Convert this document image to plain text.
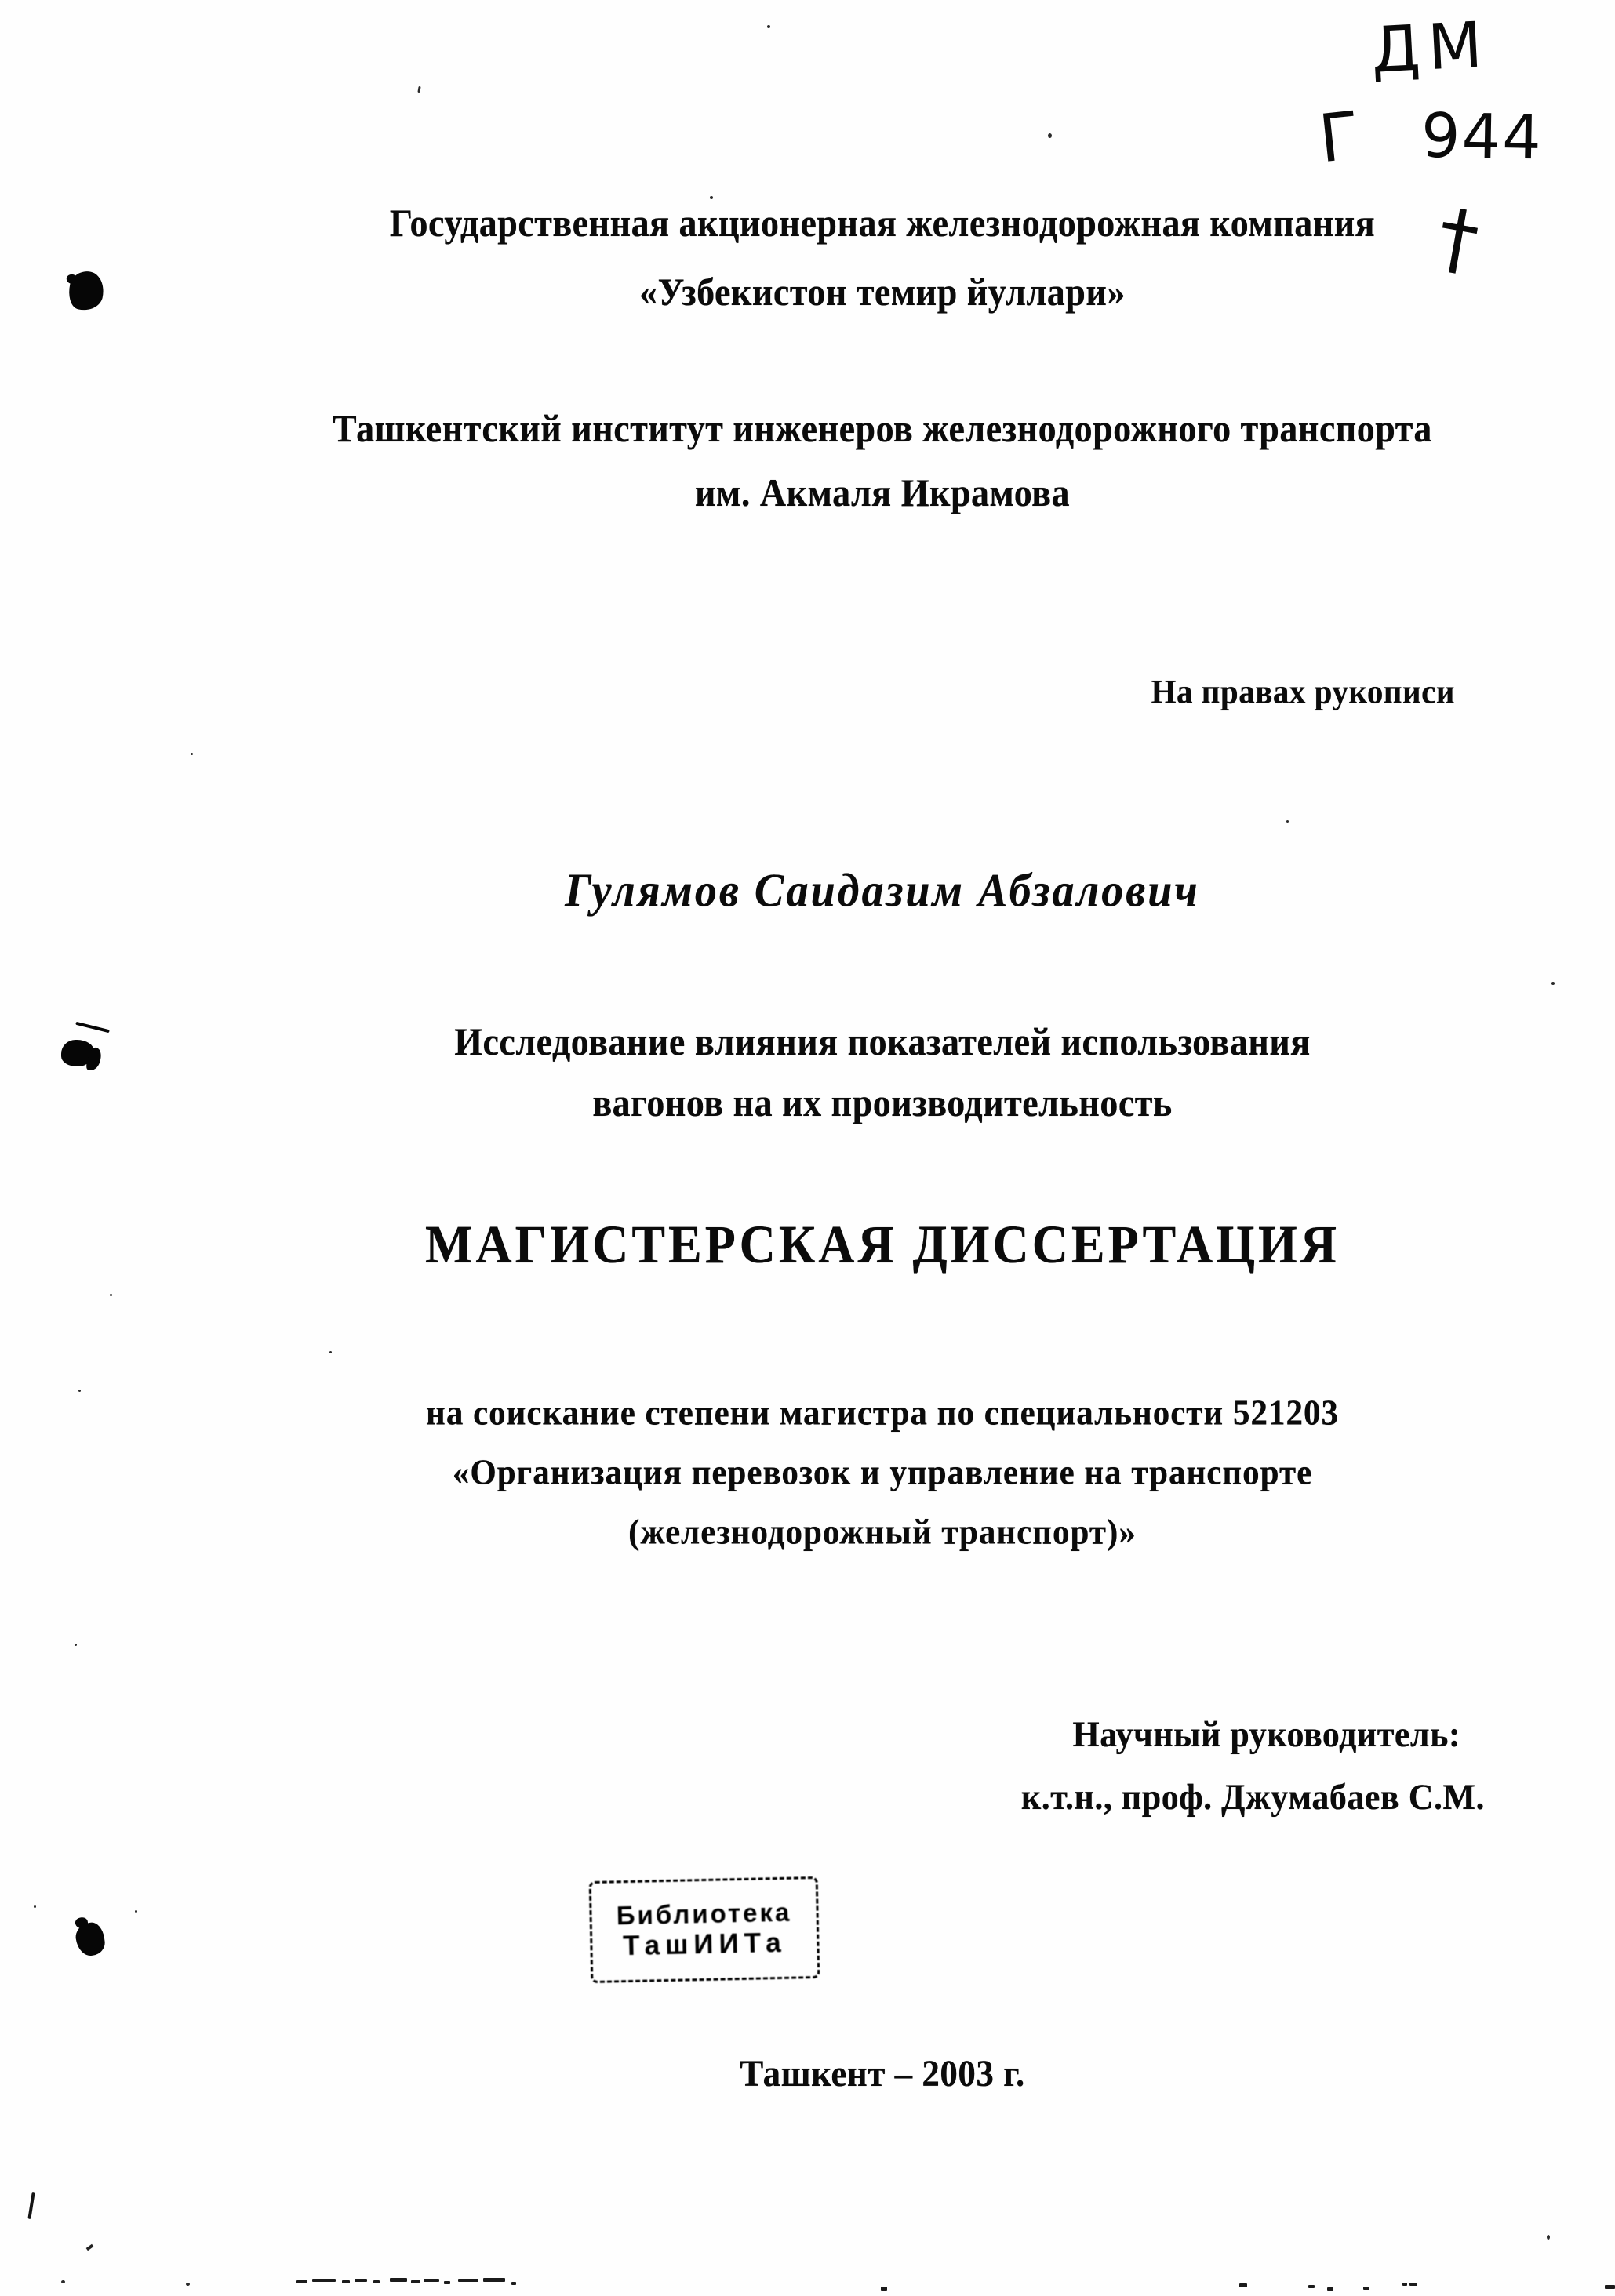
ДМ
Г 944
†
Государственная акционерная железнодорожная компания
«Узбекистон темир йуллари»
Ташкентский институт инженеров железнодорожного транспорта
им. Акмаля Икрамова
На правах рукописи
Гулямов Саидазим Абзалович
Исследование влияния показателей использования
вагонов на их производительность
МАГИСТЕРСКАЯ ДИССЕРТАЦИЯ
на соискание степени магистра по специальности 521203
«Организация перевозок и управление на транспорте
(железнодорожный транспорт)»
Научный руководитель:
к.т.н., проф. Джумабаев С.М.
Библиотека
ТашИИТа
Ташкент – 2003 г.
